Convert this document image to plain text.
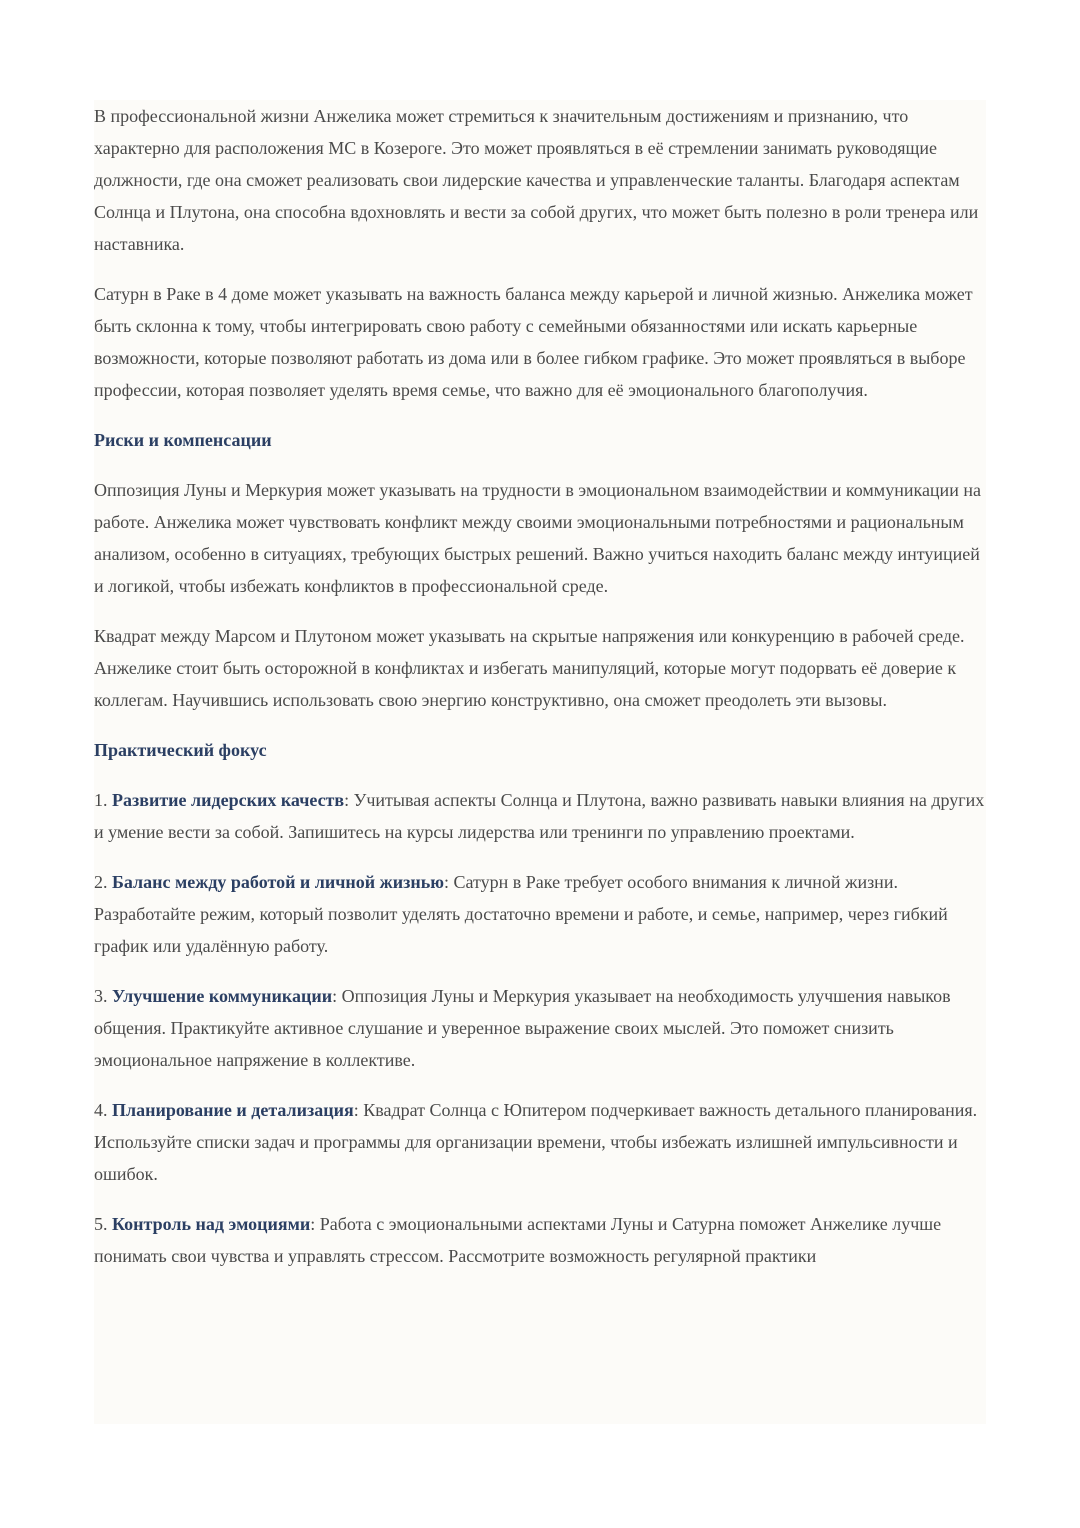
В профессиональной жизни Анжелика может стремиться к значительным достижениям и признанию, что характерно для расположения МС в Козероге. Это может проявляться в её стремлении занимать руководящие должности, где она сможет реализовать свои лидерские качества и управленческие таланты. Благодаря аспектам Солнца и Плутона, она способна вдохновлять и вести за собой других, что может быть полезно в роли тренера или наставника.

Сатурн в Раке в 4 доме может указывать на важность баланса между карьерой и личной жизнью. Анжелика может быть склонна к тому, чтобы интегрировать свою работу с семейными обязанностями или искать карьерные возможности, которые позволяют работать из дома или в более гибком графике. Это может проявляться в выборе профессии, которая позволяет уделять время семье, что важно для её эмоционального благополучия.

Риски и компенсации

Оппозиция Луны и Меркурия может указывать на трудности в эмоциональном взаимодействии и коммуникации на работе. Анжелика может чувствовать конфликт между своими эмоциональными потребностями и рациональным анализом, особенно в ситуациях, требующих быстрых решений. Важно учиться находить баланс между интуицией и логикой, чтобы избежать конфликтов в профессиональной среде.

Квадрат между Марсом и Плутоном может указывать на скрытые напряжения или конкуренцию в рабочей среде. Анжелике стоит быть осторожной в конфликтах и избегать манипуляций, которые могут подорвать её доверие к коллегам. Научившись использовать свою энергию конструктивно, она сможет преодолеть эти вызовы.

Практический фокус

1. Развитие лидерских качеств: Учитывая аспекты Солнца и Плутона, важно развивать навыки влияния на других и умение вести за собой. Запишитесь на курсы лидерства или тренинги по управлению проектами.

2. Баланс между работой и личной жизнью: Сатурн в Раке требует особого внимания к личной жизни. Разработайте режим, который позволит уделять достаточно времени и работе, и семье, например, через гибкий график или удалённую работу.

3. Улучшение коммуникации: Оппозиция Луны и Меркурия указывает на необходимость улучшения навыков общения. Практикуйте активное слушание и уверенное выражение своих мыслей. Это поможет снизить эмоциональное напряжение в коллективе.

4. Планирование и детализация: Квадрат Солнца с Юпитером подчеркивает важность детального планирования. Используйте списки задач и программы для организации времени, чтобы избежать излишней импульсивности и ошибок.

5. Контроль над эмоциями: Работа с эмоциональными аспектами Луны и Сатурна поможет Анжелике лучше понимать свои чувства и управлять стрессом. Рассмотрите возможность регулярной практики
